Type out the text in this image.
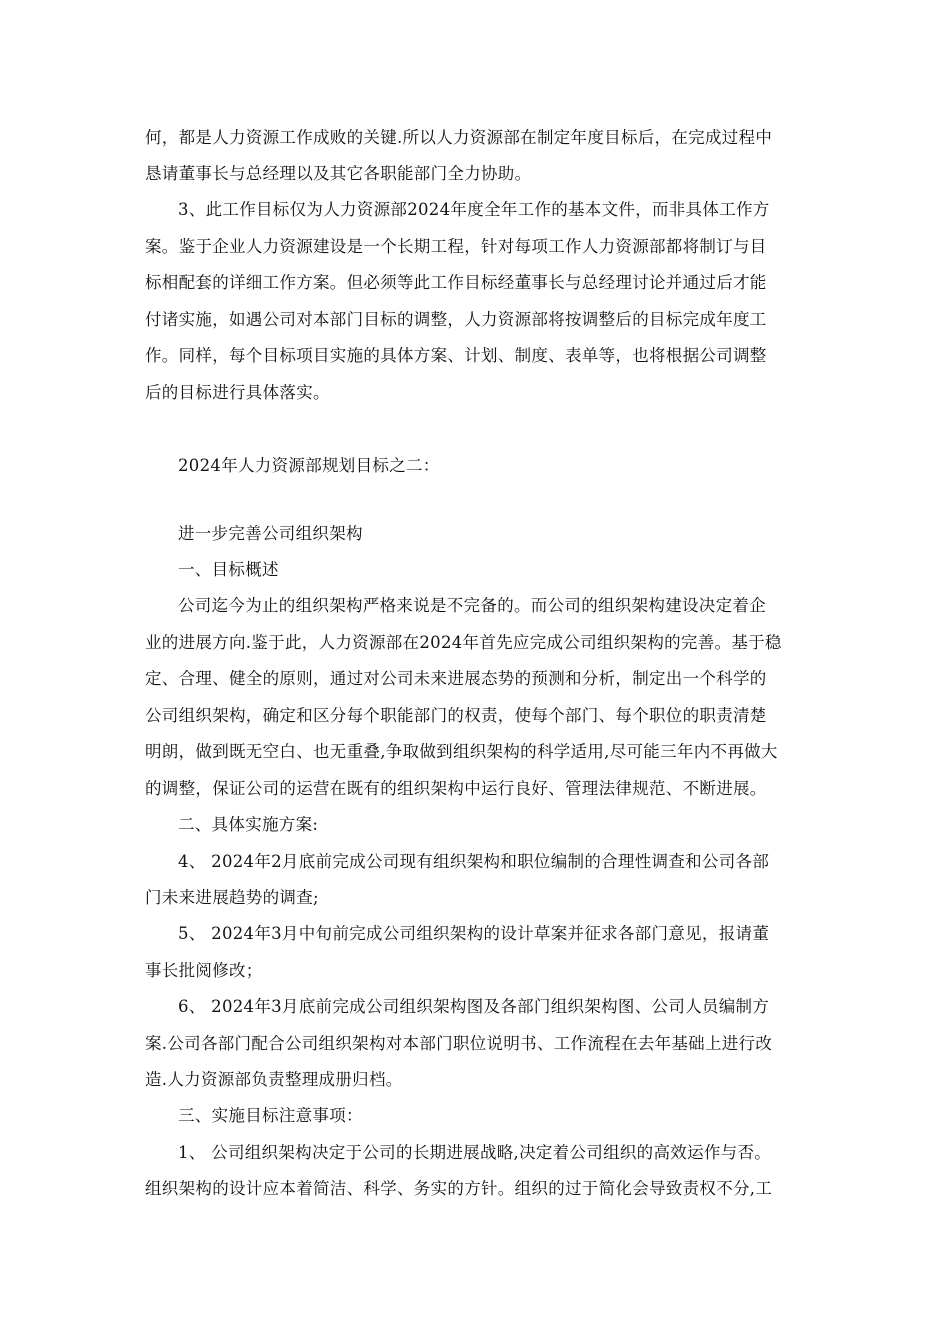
何，都是人力资源工作成败的关键.所以人力资源部在制定年度目标后，在完成过程中
恳请董事长与总经理以及其它各职能部门全力协助。
3、此工作目标仅为人力资源部2024年度全年工作的基本文件，而非具体工作方
案。鉴于企业人力资源建设是一个长期工程，针对每项工作人力资源部都将制订与目
标相配套的详细工作方案。但必须等此工作目标经董事长与总经理讨论并通过后才能
付诸实施，如遇公司对本部门目标的调整，人力资源部将按调整后的目标完成年度工
作。同样，每个目标项目实施的具体方案、计划、制度、表单等，也将根据公司调整
后的目标进行具体落实。
2024年人力资源部规划目标之二：
进一步完善公司组织架构
一、目标概述
公司迄今为止的组织架构严格来说是不完备的。而公司的组织架构建设决定着企
业的进展方向.鉴于此，人力资源部在2024年首先应完成公司组织架构的完善。基于稳
定、合理、健全的原则，通过对公司未来进展态势的预测和分析，制定出一个科学的
公司组织架构，确定和区分每个职能部门的权责，使每个部门、每个职位的职责清楚
明朗，做到既无空白、也无重叠,争取做到组织架构的科学适用,尽可能三年内不再做大
的调整，保证公司的运营在既有的组织架构中运行良好、管理法律规范、不断进展。
二、具体实施方案:
4、 2024年2月底前完成公司现有组织架构和职位编制的合理性调查和公司各部
门未来进展趋势的调查;
5、 2024年3月中旬前完成公司组织架构的设计草案并征求各部门意见，报请董
事长批阅修改；
6、 2024年3月底前完成公司组织架构图及各部门组织架构图、公司人员编制方
案.公司各部门配合公司组织架构对本部门职位说明书、工作流程在去年基础上进行改
造.人力资源部负责整理成册归档。
三、实施目标注意事项：
1、 公司组织架构决定于公司的长期进展战略,决定着公司组织的高效运作与否。
组织架构的设计应本着简洁、科学、务实的方针。组织的过于简化会导致责权不分,工
